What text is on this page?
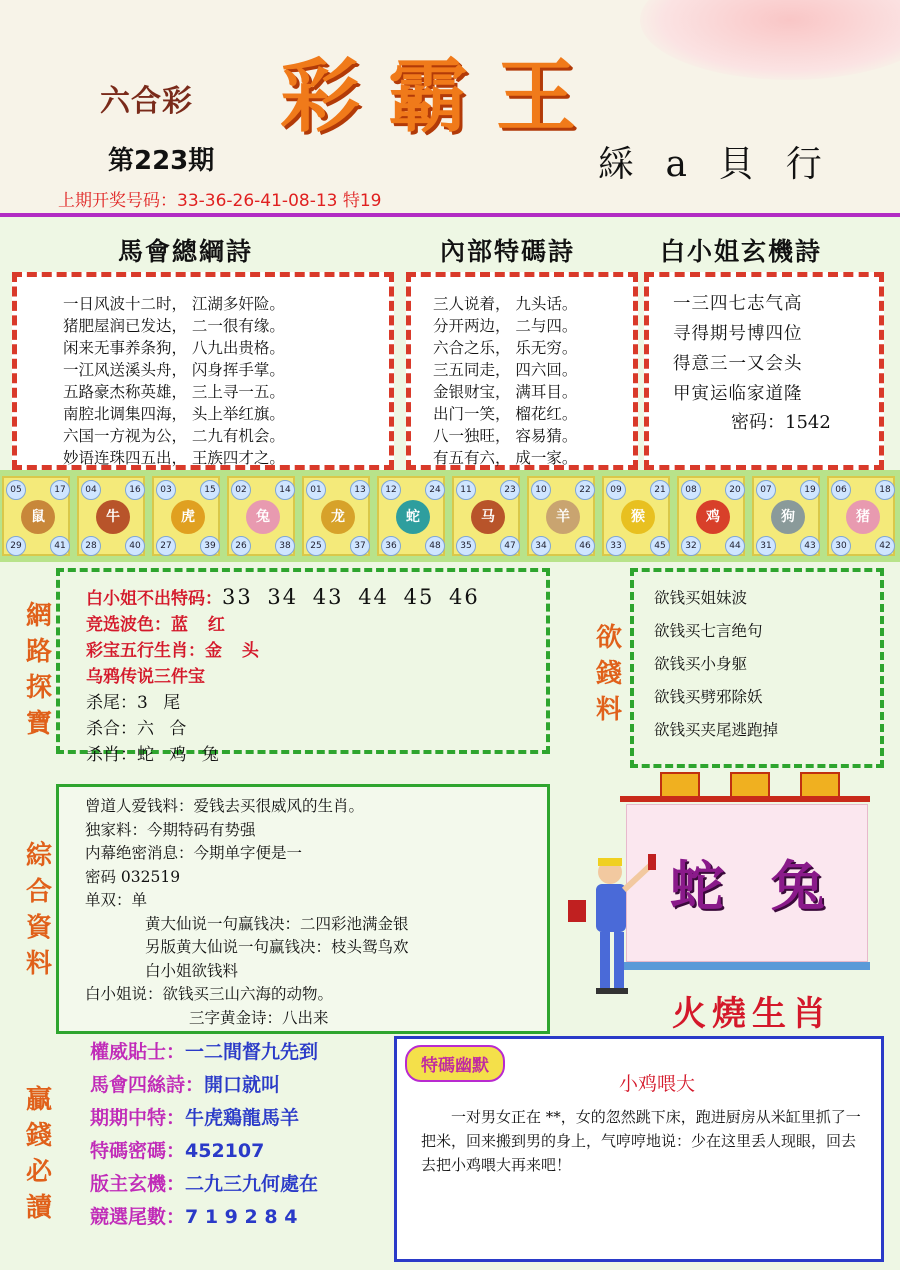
六合彩 彩霸王
第223期	綵 a 貝 行
上期开奖号码：33-36-26-41-08-13 特19
馬會總綱詩	內部特碼詩	白小姐玄機詩
一日风波十二时， 江湖多奸险。
猪肥屋润已发达， 二一很有缘。
闲来无事养条狗， 八九出贵格。
一江风送溪头舟， 闪身挥手掌。
五路豪杰称英雄， 三上寻一五。
南腔北调集四海， 头上举红旗。
六国一方视为公， 二九有机会。
妙语连珠四五出， 王族四才之。
三人说着， 九头话。
分开两边， 二与四。
六合之乐， 乐无穷。
三五同走， 四六回。
金银财宝， 满耳目。
出门一笑， 榴花红。
八一独旺， 容易猜。
有五有六， 成一家。
一三四七志气高
寻得期号博四位
得意三一又会头
甲寅运临家道隆
密码：1542
05	17
29	41
鼠
04	16
28	40
牛
03	15
27	39
虎
02	14
26	38
兔
01	13
25	37
龙
12	24
36	48
蛇
11	23
35	47
马
10	22
34	46
羊
09	21
33	45
猴
08	20
32	44
鸡
07	19
31	43
狗
06	18
30	42
猪
網
路
探
寶
白小姐不出特码：33 34 43 44 45 46
竞选波色：蓝 红
彩宝五行生肖：金 头
乌鸦传说三件宝
杀尾：3 尾
杀合：六 合
杀肖：蛇 鸡 兔
欲
錢
料
欲钱买姐妹波
欲钱买七言绝句
欲钱买小身躯
欲钱买劈邪除妖
欲钱买夹尾逃跑掉
綜
合
資
料
曾道人爱钱料：爱钱去买很威风的生肖。
独家料：今期特码有势强
内幕绝密消息：今期单字便是一
密码 032519
单双：单
黄大仙说一句赢钱决：二四彩池满金银
另版黄大仙说一句赢钱决：枝头鸳鸟欢
白小姐欲钱料
白小姐说：欲钱买三山六海的动物。
三字黄金诗：八出来
蛇 兔
火燒生肖
贏
錢
必
讀
權威貼士：一二間督九先到
馬會四絲詩：開口就叫
期期中特：牛虎鶏龍馬羊
特碼密碼：452107
版主玄機：二九三九何處在
競選尾數：7 1 9 2 8 4
特碼幽默
小鸡喂大
一对男女正在 **，女的忽然跳下床，跑进厨房从米缸里抓了一把米，回来搬到男的身上，气哼哼地说：少在这里丢人现眼，回去去把小鸡喂大再来吧！
